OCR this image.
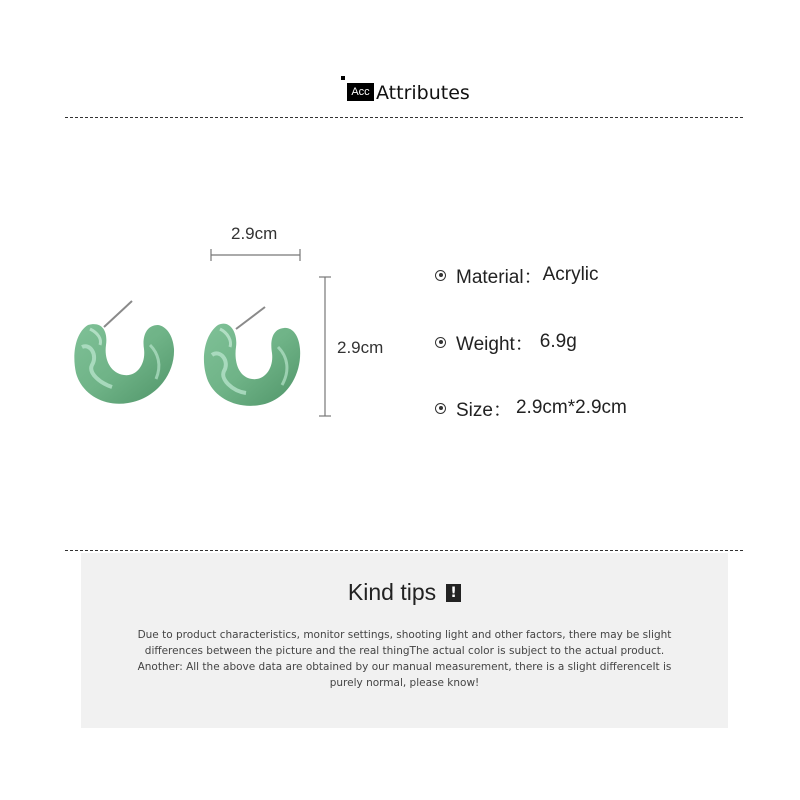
Acc Attributes
2.9cm
2.9cm
Material： Acrylic
Weight： 6.9g
Size： 2.9cm*2.9cm
Kind tips !
Due to product characteristics, monitor settings, shooting light and other factors, there may be slight
differences between the picture and the real thingThe actual color is subject to the actual product.
Another: All the above data are obtained by our manual measurement, there is a slight differenceIt is
purely normal, please know!
